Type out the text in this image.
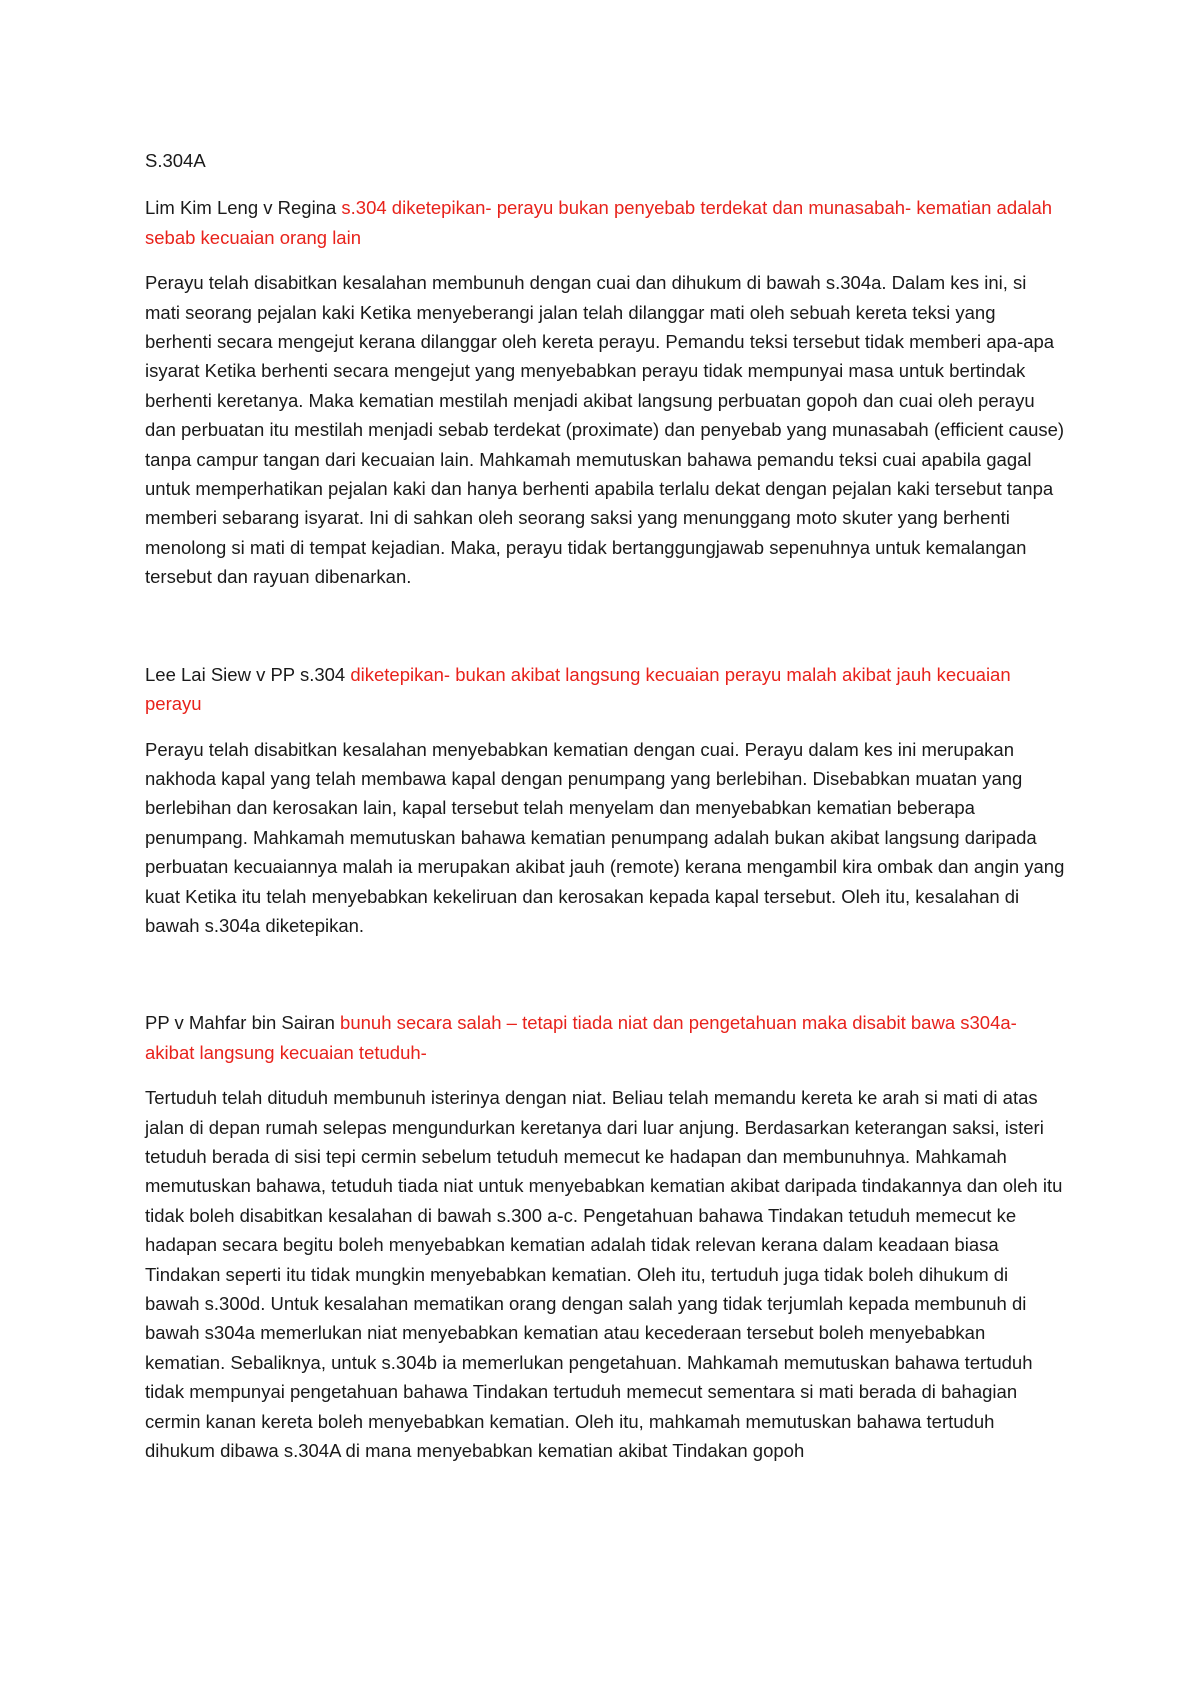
S.304A

Lim Kim Leng v Regina s.304 diketepikan- perayu bukan penyebab terdekat dan munasabah- kematian adalah sebab kecuaian orang lain

Perayu telah disabitkan kesalahan membunuh dengan cuai dan dihukum di bawah s.304a. Dalam kes ini, si mati seorang pejalan kaki Ketika menyeberangi jalan telah dilanggar mati oleh sebuah kereta teksi yang berhenti secara mengejut kerana dilanggar oleh kereta perayu. Pemandu teksi tersebut tidak memberi apa-apa isyarat Ketika berhenti secara mengejut yang menyebabkan perayu tidak mempunyai masa untuk bertindak berhenti keretanya. Maka kematian mestilah menjadi akibat langsung perbuatan gopoh dan cuai oleh perayu dan perbuatan itu mestilah menjadi sebab terdekat (proximate) dan penyebab yang munasabah (efficient cause) tanpa campur tangan dari kecuaian lain. Mahkamah memutuskan bahawa pemandu teksi cuai apabila gagal untuk memperhatikan pejalan kaki dan hanya berhenti apabila terlalu dekat dengan pejalan kaki tersebut tanpa memberi sebarang isyarat. Ini di sahkan oleh seorang saksi yang menunggang moto skuter yang berhenti menolong si mati di tempat kejadian. Maka, perayu tidak bertanggungjawab sepenuhnya untuk kemalangan tersebut dan rayuan dibenarkan.

Lee Lai Siew v PP s.304 diketepikan- bukan akibat langsung kecuaian perayu malah akibat jauh kecuaian perayu

Perayu telah disabitkan kesalahan menyebabkan kematian dengan cuai. Perayu dalam kes ini merupakan nakhoda kapal yang telah membawa kapal dengan penumpang yang berlebihan. Disebabkan muatan yang berlebihan dan kerosakan lain, kapal tersebut telah menyelam dan menyebabkan kematian beberapa penumpang. Mahkamah memutuskan bahawa kematian penumpang adalah bukan akibat langsung daripada perbuatan kecuaiannya malah ia merupakan akibat jauh (remote) kerana mengambil kira ombak dan angin yang kuat Ketika itu telah menyebabkan kekeliruan dan kerosakan kepada kapal tersebut. Oleh itu, kesalahan di bawah s.304a diketepikan.

PP v Mahfar bin Sairan bunuh secara salah – tetapi tiada niat dan pengetahuan maka disabit bawa s304a- akibat langsung kecuaian tetuduh-

Tertuduh telah dituduh membunuh isterinya dengan niat. Beliau telah memandu kereta ke arah si mati di atas jalan di depan rumah selepas mengundurkan keretanya dari luar anjung. Berdasarkan keterangan saksi, isteri tetuduh berada di sisi tepi cermin sebelum tetuduh memecut ke hadapan dan membunuhnya. Mahkamah memutuskan bahawa, tetuduh tiada niat untuk menyebabkan kematian akibat daripada tindakannya dan oleh itu tidak boleh disabitkan kesalahan di bawah s.300 a-c. Pengetahuan bahawa Tindakan tetuduh memecut ke hadapan secara begitu boleh menyebabkan kematian adalah tidak relevan kerana dalam keadaan biasa Tindakan seperti itu tidak mungkin menyebabkan kematian. Oleh itu, tertuduh juga tidak boleh dihukum di bawah s.300d. Untuk kesalahan mematikan orang dengan salah yang tidak terjumlah kepada membunuh di bawah s304a memerlukan niat menyebabkan kematian atau kecederaan tersebut boleh menyebabkan kematian. Sebaliknya, untuk s.304b ia memerlukan pengetahuan. Mahkamah memutuskan bahawa tertuduh tidak mempunyai pengetahuan bahawa Tindakan tertuduh memecut sementara si mati berada di bahagian cermin kanan kereta boleh menyebabkan kematian. Oleh itu, mahkamah memutuskan bahawa tertuduh dihukum dibawa s.304A di mana menyebabkan kematian akibat Tindakan gopoh
